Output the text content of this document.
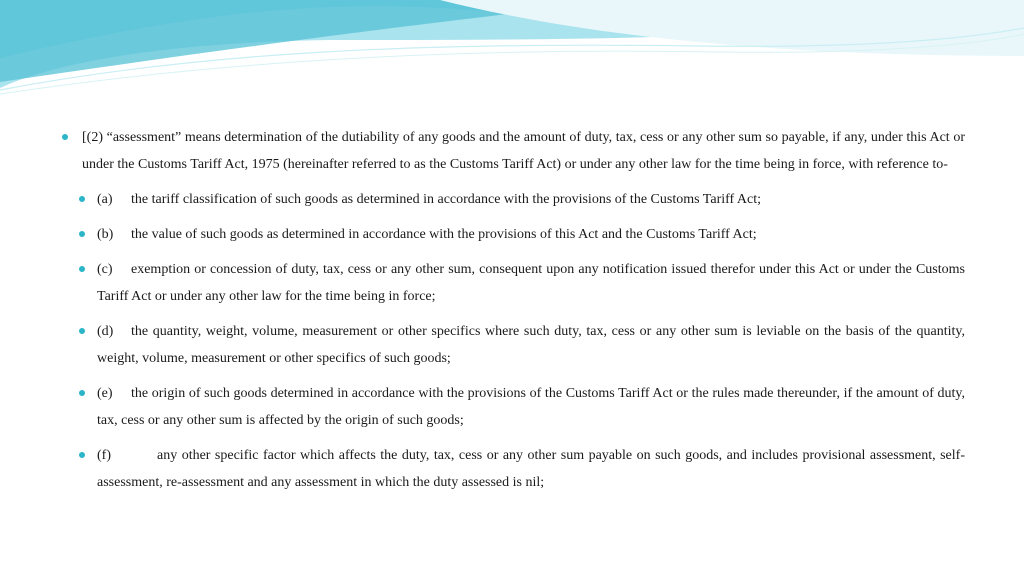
[(2) “assessment” means determination of the dutiability of any goods and the amount of duty, tax, cess or any other sum so payable, if any, under this Act or under the Customs Tariff Act, 1975 (hereinafter referred to as the Customs Tariff Act) or under any other law for the time being in force, with reference to-
(a) the tariff classification of such goods as determined in accordance with the provisions of the Customs Tariff Act;
(b) the value of such goods as determined in accordance with the provisions of this Act and the Customs Tariff Act;
(c) exemption or concession of duty, tax, cess or any other sum, consequent upon any notification issued therefor under this Act or under the Customs Tariff Act or under any other law for the time being in force;
(d) the quantity, weight, volume, measurement or other specifics where such duty, tax, cess or any other sum is leviable on the basis of the quantity, weight, volume, measurement or other specifics of such goods;
(e) the origin of such goods determined in accordance with the provisions of the Customs Tariff Act or the rules made thereunder, if the amount of duty, tax, cess or any other sum is affected by the origin of such goods;
(f)	any other specific factor which affects the duty, tax, cess or any other sum payable on such goods, and includes provisional assessment, self-assessment, re-assessment and any assessment in which the duty assessed is nil;
